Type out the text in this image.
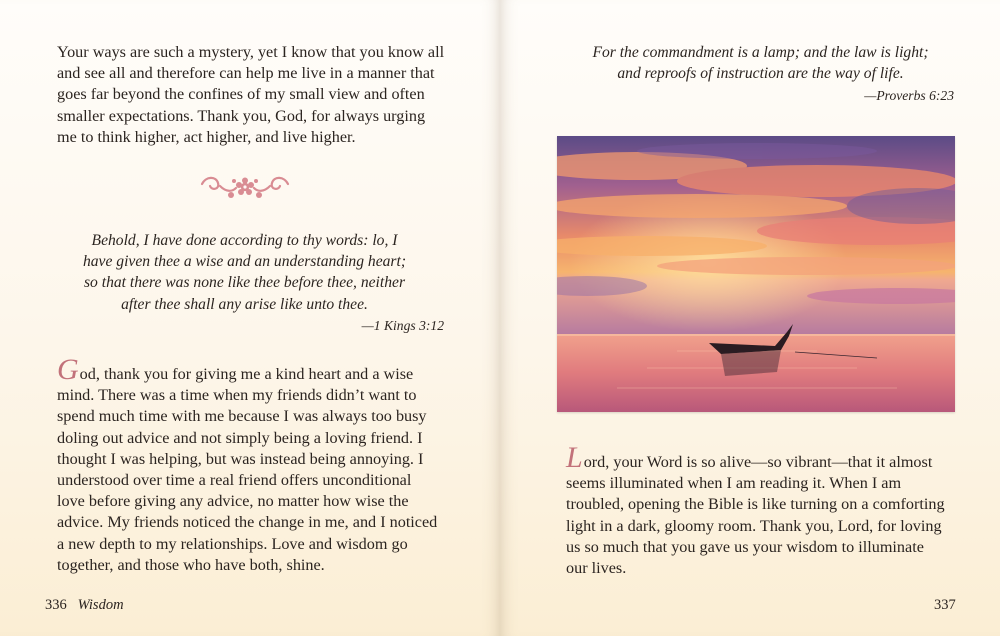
Your ways are such a mystery, yet I know that you know all and see all and therefore can help me live in a manner that goes far beyond the confines of my small view and often smaller expectations. Thank you, God, for always urging me to think higher, act higher, and live higher.

Behold, I have done according to thy words: lo, I have given thee a wise and an understanding heart; so that there was none like thee before thee, neither after thee shall any arise like unto thee.

—1 Kings 3:12

God, thank you for giving me a kind heart and a wise mind. There was a time when my friends didn’t want to spend much time with me because I was always too busy doling out advice and not simply being a loving friend. I thought I was helping, but was instead being annoying. I understood over time a real friend offers unconditional love before giving any advice, no matter how wise the advice. My friends noticed the change in me, and I noticed a new depth to my relationships. Love and wisdom go together, and those who have both, shine.

336 Wisdom

For the commandment is a lamp; and the law is light; and reproofs of instruction are the way of life.

—Proverbs 6:23

Lord, your Word is so alive—so vibrant—that it almost seems illuminated when I am reading it. When I am troubled, opening the Bible is like turning on a comforting light in a dark, gloomy room. Thank you, Lord, for loving us so much that you gave us your wisdom to illuminate our lives.

337
